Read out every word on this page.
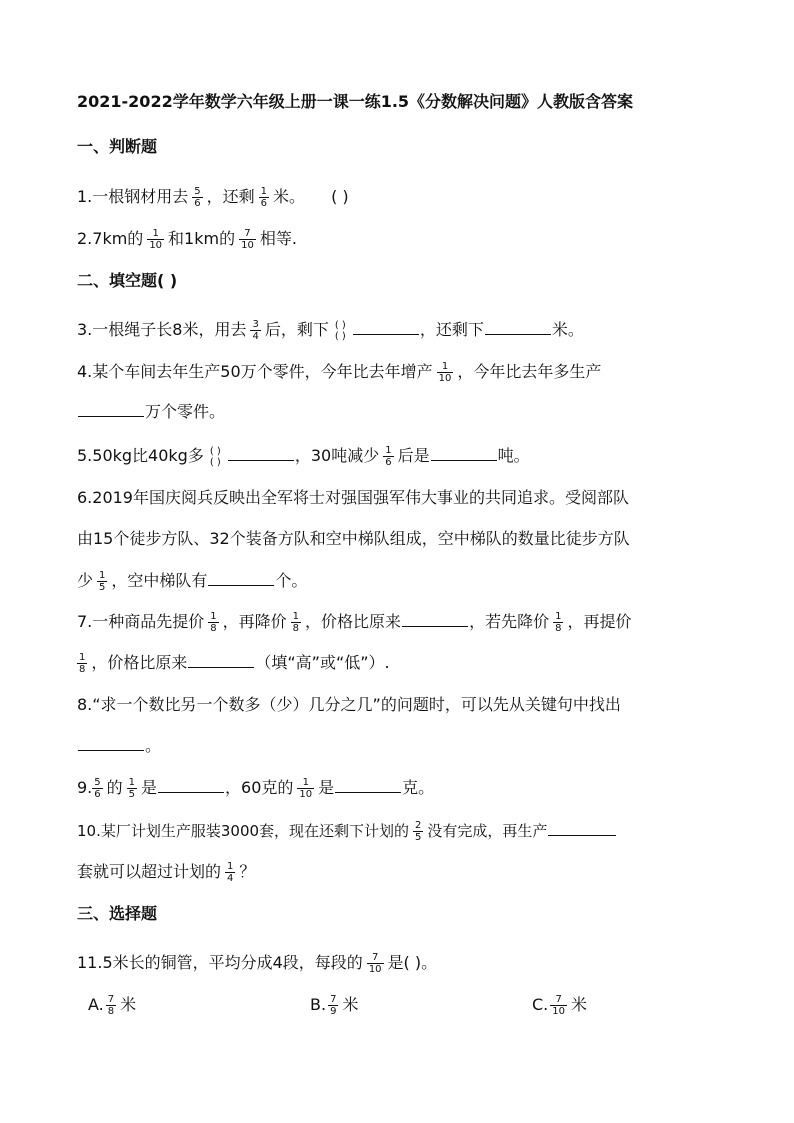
2021-2022学年数学六年级上册一课一练1.5《分数解决问题》人教版含答案
一、判断题
1.一根钢材用去 $\frac{5}{6}$ ，还剩 $\frac{1}{6}$ 米。 ( )
2.7km的 $\frac{1}{10}$ 和1km的 $\frac{7}{10}$ 相等.
二、填空题( )
3.一根绳子长8米，用去 $\frac{3}{4}$ 后，剩下 ( )
( )	，还剩下	米。
4.某个车间去年生产50万个零件，今年比去年增产 $\frac{1}{10}$ ，今年比去年多生产
万个零件。
5.50kg比40kg多 ( )
( )	，30吨减少 $\frac{1}{6}$ 后是	吨。
6.2019年国庆阅兵反映出全军将士对强国强军伟大事业的共同追求。受阅部队
由15个徒步方队、32个装备方队和空中梯队组成，空中梯队的数量比徒步方队
少 $\frac{1}{5}$ ，空中梯队有	个。
7.一种商品先提价 $\frac{1}{8}$ ，再降价 $\frac{1}{8}$ ，价格比原来	，若先降价 $\frac{1}{8}$ ，再提价
$\frac{1}{8}$ ，价格比原来	（填“高”或“低”）.
8.“求一个数比另一个数多（少）几分之几”的问题时，可以先从关键句中找出
。
9. $\frac{5}{6}$ 的 $\frac{1}{5}$ 是	，60克的 $\frac{1}{10}$ 是	克。
10.某厂计划生产服装3000套，现在还剩下计划的 $\frac{2}{5}$ 没有完成，再生产
套就可以超过计划的 $\frac{1}{4}$ ？
三、选择题
11.5米长的铜管，平均分成4段，每段的 $\frac{7}{10}$ 是( )。
A. $\frac{7}{8}$ 米	B. $\frac{7}{9}$ 米	C. $\frac{7}{10}$ 米
